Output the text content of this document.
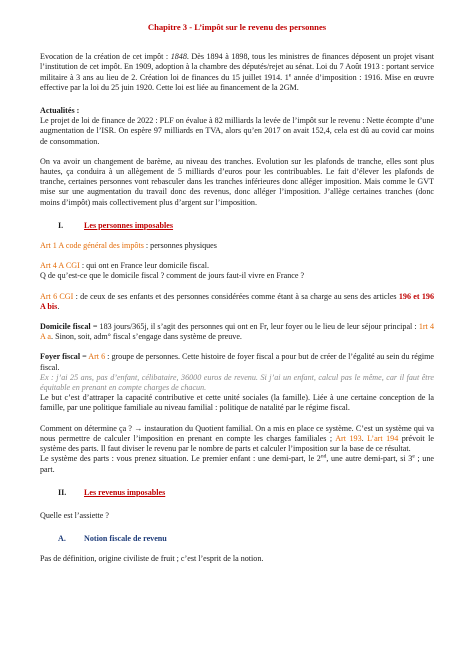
Chapitre 3 - L’impôt sur le revenu des personnes

Evocation de la création de cet impôt : 1848. Dès 1894 à 1898, tous les ministres de finances déposent un projet visant l’institution de cet impôt. En 1909, adoption à la chambre des députés/rejet au sénat. Loi du 7 Août 1913 : portant service militaire à 3 ans au lieu de 2. Création loi de finances du 15 juillet 1914. 1e année d’imposition : 1916. Mise en œuvre effective par la loi du 25 juin 1920. Cette loi est liée au financement de la 2GM.

Actualités :

Le projet de loi de finance de 2022 : PLF on évalue à 82 milliards la levée de l’impôt sur le revenu : Nette écompte d’une augmentation de l’ISR. On espère 97 milliards en TVA, alors qu’en 2017 on avait 152,4, cela est dû au covid car moins de consommation.

On va avoir un changement de barème, au niveau des tranches. Evolution sur les plafonds de tranche, elles sont plus hautes, ça conduira à un allègement de 5 milliards d’euros pour les contribuables. Le fait d’élever les plafonds de tranche, certaines personnes vont rebasculer dans les tranches inférieures donc alléger imposition. Mais comme le GVT mise sur une augmentation du travail donc des revenus, donc alléger l’imposition. J’allège certaines tranches (donc moins d’impôt) mais collectivement plus d’argent sur l’imposition.

I.	Les personnes imposables

Art 1 A code général des impôts : personnes physiques

Art 4 A CGI : qui ont en France leur domicile fiscal.

Q de qu’est-ce que le domicile fiscal ? comment de jours faut-il vivre en France ?

Art 6 CGI : de ceux de ses enfants et des personnes considérées comme étant à sa charge au sens des articles 196 et 196 A bis.

Domicile fiscal = 183 jours/365j, il s’agit des personnes qui ont en Fr, leur foyer ou le lieu de leur séjour principal : 1rt 4 A a. Sinon, soit, adm° fiscal s’engage dans système de preuve.

Foyer fiscal = Art 6 : groupe de personnes. Cette histoire de foyer fiscal a pour but de créer de l’égalité au sein du régime fiscal.

Ex : j’ai 25 ans, pas d’enfant, célibataire, 36000 euros de revenu. Si j’ai un enfant, calcul pas le même, car il faut être équitable en prenant en compte charges de chacun.

Le but c’est d’attraper la capacité contributive et cette unité sociales (la famille). Liée à une certaine conception de la famille, par une politique familiale au niveau familial : politique de natalité par le régime fiscal.

Comment on détermine ça ? → instauration du Quotient familial. On a mis en place ce système. C’est un système qui va nous permettre de calculer l’imposition en prenant en compte les charges familiales ; Art 193. L’art 194 prévoit le système des parts. Il faut diviser le revenu par le nombre de parts et calculer l’imposition sur la base de ce résultat.

Le système des parts : vous prenez situation. Le premier enfant : une demi-part, le 2nd, une autre demi-part, si 3e ; une part.

II.	Les revenus imposables

Quelle est l’assiette ?

A.	Notion fiscale de revenu

Pas de définition, origine civiliste de fruit ; c’est l’esprit de la notion.
